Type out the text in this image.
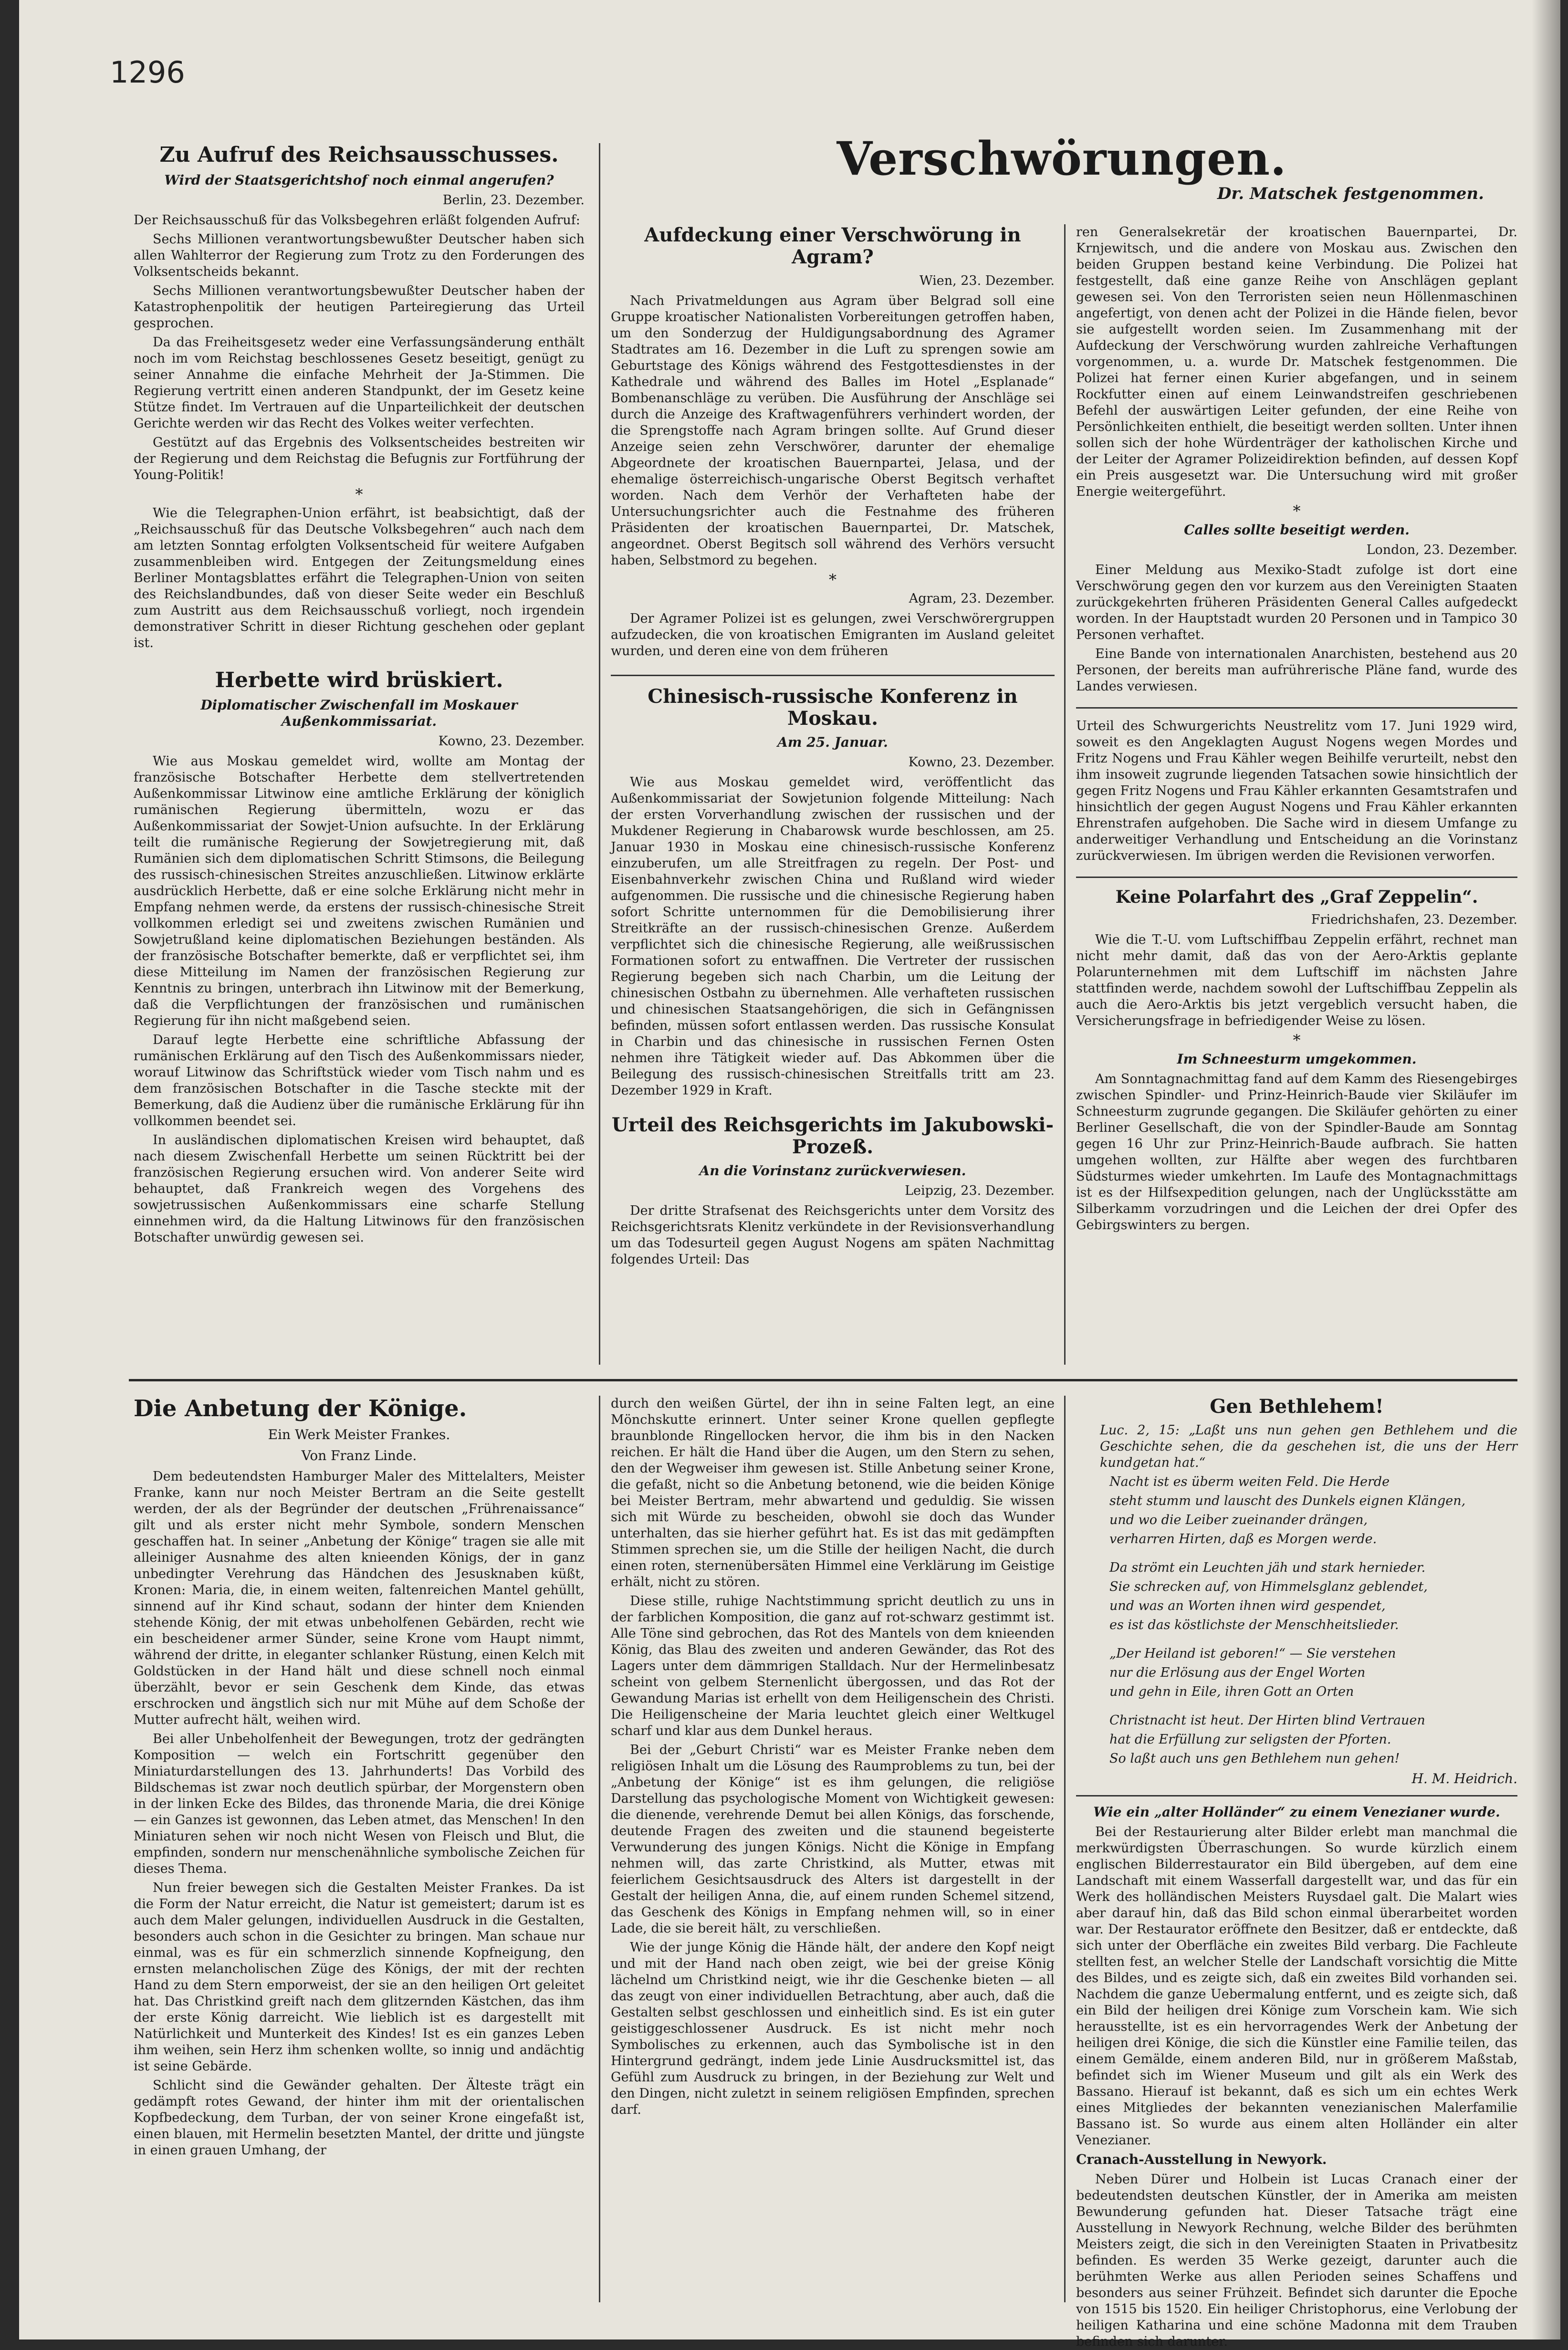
1296
Zu Aufruf des Reichsausschusses.
Wird der Staatsgerichtshof noch einmal angerufen?
Berlin, 23. Dezember.

Der Reichsausschuß für das Volksbegehren erläßt folgenden Aufruf:

Sechs Millionen verantwortungsbewußter Deutscher haben sich allen Wahlterror der Regierung zum Trotz zu den Forderungen des Volksentscheids bekannt.

Sechs Millionen verantwortungsbewußter Deutscher haben der Katastrophenpolitik der heutigen Parteiregierung das Urteil gesprochen.

Da das Freiheitsgesetz weder eine Verfassungsänderung enthält noch im vom Reichstag beschlossenes Gesetz beseitigt, genügt zu seiner Annahme die einfache Mehrheit der Ja-Stimmen. Die Regierung vertritt einen anderen Standpunkt, der im Gesetz keine Stütze findet. Im Vertrauen auf die Unparteilichkeit der deutschen Gerichte werden wir das Recht des Volkes weiter verfechten.

Gestützt auf das Ergebnis des Volksentscheides bestreiten wir der Regierung und dem Reichstag die Befugnis zur Fortführung der Young-Politik!

*

Wie die Telegraphen-Union erfährt, ist beabsichtigt, daß der „Reichsausschuß für das Deutsche Volksbegehren“ auch nach dem am letzten Sonntag erfolgten Volksentscheid für weitere Aufgaben zusammenbleiben wird. Entgegen der Zeitungsmeldung eines Berliner Montagsblattes erfährt die Telegraphen-Union von seiten des Reichslandbundes, daß von dieser Seite weder ein Beschluß zum Austritt aus dem Reichsausschuß vorliegt, noch irgendein demonstrativer Schritt in dieser Richtung geschehen oder geplant ist.

Herbette wird brüskiert.
Diplomatischer Zwischenfall im Moskauer Außenkommissariat.
Kowno, 23. Dezember.

Wie aus Moskau gemeldet wird, wollte am Montag der französische Botschafter Herbette dem stellvertretenden Außenkommissar Litwinow eine amtliche Erklärung der königlich rumänischen Regierung übermitteln, wozu er das Außenkommissariat der Sowjet-Union aufsuchte. In der Erklärung teilt die rumänische Regierung der Sowjetregierung mit, daß Rumänien sich dem diplomatischen Schritt Stimsons, die Beilegung des russisch-chinesischen Streites anzuschließen. Litwinow erklärte ausdrücklich Herbette, daß er eine solche Erklärung nicht mehr in Empfang nehmen werde, da erstens der russisch-chinesische Streit vollkommen erledigt sei und zweitens zwischen Rumänien und Sowjetrußland keine diplomatischen Beziehungen beständen. Als der französische Botschafter bemerkte, daß er verpflichtet sei, ihm diese Mitteilung im Namen der französischen Regierung zur Kenntnis zu bringen, unterbrach ihn Litwinow mit der Bemerkung, daß die Verpflichtungen der französischen und rumänischen Regierung für ihn nicht maßgebend seien.

Darauf legte Herbette eine schriftliche Abfassung der rumänischen Erklärung auf den Tisch des Außenkommissars nieder, worauf Litwinow das Schriftstück wieder vom Tisch nahm und es dem französischen Botschafter in die Tasche steckte mit der Bemerkung, daß die Audienz über die rumänische Erklärung für ihn vollkommen beendet sei.

In ausländischen diplomatischen Kreisen wird behauptet, daß nach diesem Zwischenfall Herbette um seinen Rücktritt bei der französischen Regierung ersuchen wird. Von anderer Seite wird behauptet, daß Frankreich wegen des Vorgehens des sowjetrussischen Außenkommissars eine scharfe Stellung einnehmen wird, da die Haltung Litwinows für den französischen Botschafter unwürdig gewesen sei.

Verschwörungen.
Dr. Matschek festgenommen.
Aufdeckung einer Verschwörung in Agram?
Wien, 23. Dezember.

Nach Privatmeldungen aus Agram über Belgrad soll eine Gruppe kroatischer Nationalisten Vorbereitungen getroffen haben, um den Sonderzug der Huldigungsabordnung des Agramer Stadtrates am 16. Dezember in die Luft zu sprengen sowie am Geburtstage des Königs während des Festgottesdienstes in der Kathedrale und während des Balles im Hotel „Esplanade“ Bombenanschläge zu verüben. Die Ausführung der Anschläge sei durch die Anzeige des Kraftwagenführers verhindert worden, der die Sprengstoffe nach Agram bringen sollte. Auf Grund dieser Anzeige seien zehn Verschwörer, darunter der ehemalige Abgeordnete der kroatischen Bauernpartei, Jelasa, und der ehemalige österreichisch-ungarische Oberst Begitsch verhaftet worden. Nach dem Verhör der Verhafteten habe der Untersuchungsrichter auch die Festnahme des früheren Präsidenten der kroatischen Bauernpartei, Dr. Matschek, angeordnet. Oberst Begitsch soll während des Verhörs versucht haben, Selbstmord zu begehen.

*
Agram, 23. Dezember.

Der Agramer Polizei ist es gelungen, zwei Verschwörergruppen aufzudecken, die von kroatischen Emigranten im Ausland geleitet wurden, und deren eine von dem früheren

Chinesisch-russische Konferenz in Moskau.
Am 25. Januar.
Kowno, 23. Dezember.

Wie aus Moskau gemeldet wird, veröffentlicht das Außenkommissariat der Sowjetunion folgende Mitteilung: Nach der ersten Vorverhandlung zwischen der russischen und der Mukdener Regierung in Chabarowsk wurde beschlossen, am 25. Januar 1930 in Moskau eine chinesisch-russische Konferenz einzuberufen, um alle Streitfragen zu regeln. Der Post- und Eisenbahnverkehr zwischen China und Rußland wird wieder aufgenommen. Die russische und die chinesische Regierung haben sofort Schritte unternommen für die Demobilisierung ihrer Streitkräfte an der russisch-chinesischen Grenze. Außerdem verpflichtet sich die chinesische Regierung, alle weißrussischen Formationen sofort zu entwaffnen. Die Vertreter der russischen Regierung begeben sich nach Charbin, um die Leitung der chinesischen Ostbahn zu übernehmen. Alle verhafteten russischen und chinesischen Staatsangehörigen, die sich in Gefängnissen befinden, müssen sofort entlassen werden. Das russische Konsulat in Charbin und das chinesische in russischen Fernen Osten nehmen ihre Tätigkeit wieder auf. Das Abkommen über die Beilegung des russisch-chinesischen Streitfalls tritt am 23. Dezember 1929 in Kraft.

Urteil des Reichsgerichts im Jakubowski-Prozeß.
An die Vorinstanz zurückverwiesen.
Leipzig, 23. Dezember.

Der dritte Strafsenat des Reichsgerichts unter dem Vorsitz des Reichsgerichtsrats Klenitz verkündete in der Revisionsverhandlung um das Todesurteil gegen August Nogens am späten Nachmittag folgendes Urteil: Das

ren Generalsekretär der kroatischen Bauernpartei, Dr. Krnjewitsch, und die andere von Moskau aus. Zwischen den beiden Gruppen bestand keine Verbindung. Die Polizei hat festgestellt, daß eine ganze Reihe von Anschlägen geplant gewesen sei. Von den Terroristen seien neun Höllenmaschinen angefertigt, von denen acht der Polizei in die Hände fielen, bevor sie aufgestellt worden seien. Im Zusammenhang mit der Aufdeckung der Verschwörung wurden zahlreiche Verhaftungen vorgenommen, u. a. wurde Dr. Matschek festgenommen. Die Polizei hat ferner einen Kurier abgefangen, und in seinem Rockfutter einen auf einem Leinwandstreifen geschriebenen Befehl der auswärtigen Leiter gefunden, der eine Reihe von Persönlichkeiten enthielt, die beseitigt werden sollten. Unter ihnen sollen sich der hohe Würdenträger der katholischen Kirche und der Leiter der Agramer Polizeidirektion befinden, auf dessen Kopf ein Preis ausgesetzt war. Die Untersuchung wird mit großer Energie weitergeführt.

*
Calles sollte beseitigt werden.
London, 23. Dezember.

Einer Meldung aus Mexiko-Stadt zufolge ist dort eine Verschwörung gegen den vor kurzem aus den Vereinigten Staaten zurückgekehrten früheren Präsidenten General Calles aufgedeckt worden. In der Hauptstadt wurden 20 Personen und in Tampico 30 Personen verhaftet.

Eine Bande von internationalen Anarchisten, bestehend aus 20 Personen, der bereits man aufrührerische Pläne fand, wurde des Landes verwiesen.

Urteil des Schwurgerichts Neustrelitz vom 17. Juni 1929 wird, soweit es den Angeklagten August Nogens wegen Mordes und Fritz Nogens und Frau Kähler wegen Beihilfe verurteilt, nebst den ihm insoweit zugrunde liegenden Tatsachen sowie hinsichtlich der gegen Fritz Nogens und Frau Kähler erkannten Gesamtstrafen und hinsichtlich der gegen August Nogens und Frau Kähler erkannten Ehrenstrafen aufgehoben. Die Sache wird in diesem Umfange zu anderweitiger Verhandlung und Entscheidung an die Vorinstanz zurückverwiesen. Im übrigen werden die Revisionen verworfen.

Keine Polarfahrt des „Graf Zeppelin“.
Friedrichshafen, 23. Dezember.

Wie die T.-U. vom Luftschiffbau Zeppelin erfährt, rechnet man nicht mehr damit, daß das von der Aero-Arktis geplante Polarunternehmen mit dem Luftschiff im nächsten Jahre stattfinden werde, nachdem sowohl der Luftschiffbau Zeppelin als auch die Aero-Arktis bis jetzt vergeblich versucht haben, die Versicherungsfrage in befriedigender Weise zu lösen.

*
Im Schneesturm umgekommen.

Am Sonntagnachmittag fand auf dem Kamm des Riesengebirges zwischen Spindler- und Prinz-Heinrich-Baude vier Skiläufer im Schneesturm zugrunde gegangen. Die Skiläufer gehörten zu einer Berliner Gesellschaft, die von der Spindler-Baude am Sonntag gegen 16 Uhr zur Prinz-Heinrich-Baude aufbrach. Sie hatten umgehen wollten, zur Hälfte aber wegen des furchtbaren Südsturmes wieder umkehrten. Im Laufe des Montagnachmittags ist es der Hilfsexpedition gelungen, nach der Unglücksstätte am Silberkamm vorzudringen und die Leichen der drei Opfer des Gebirgswinters zu bergen.

Die Anbetung der Könige.
Ein Werk Meister Frankes.
Von Franz Linde.

Dem bedeutendsten Hamburger Maler des Mittelalters, Meister Franke, kann nur noch Meister Bertram an die Seite gestellt werden, der als der Begründer der deutschen „Frührenaissance“ gilt und als erster nicht mehr Symbole, sondern Menschen geschaffen hat. In seiner „Anbetung der Könige“ tragen sie alle mit alleiniger Ausnahme des alten knieenden Königs, der in ganz unbedingter Verehrung das Händchen des Jesusknaben küßt, Kronen: Maria, die, in einem weiten, faltenreichen Mantel gehüllt, sinnend auf ihr Kind schaut, sodann der hinter dem Knienden stehende König, der mit etwas unbeholfenen Gebärden, recht wie ein bescheidener armer Sünder, seine Krone vom Haupt nimmt, während der dritte, in eleganter schlanker Rüstung, einen Kelch mit Goldstücken in der Hand hält und diese schnell noch einmal überzählt, bevor er sein Geschenk dem Kinde, das etwas erschrocken und ängstlich sich nur mit Mühe auf dem Schoße der Mutter aufrecht hält, weihen wird.

Bei aller Unbeholfenheit der Bewegungen, trotz der gedrängten Komposition — welch ein Fortschritt gegenüber den Miniaturdarstellungen des 13. Jahrhunderts! Das Vorbild des Bildschemas ist zwar noch deutlich spürbar, der Morgenstern oben in der linken Ecke des Bildes, das thronende Maria, die drei Könige — ein Ganzes ist gewonnen, das Leben atmet, das Menschen! In den Miniaturen sehen wir noch nicht Wesen von Fleisch und Blut, die empfinden, sondern nur menschenähnliche symbolische Zeichen für dieses Thema.

Nun freier bewegen sich die Gestalten Meister Frankes. Da ist die Form der Natur erreicht, die Natur ist gemeistert; darum ist es auch dem Maler gelungen, individuellen Ausdruck in die Gestalten, besonders auch schon in die Gesichter zu bringen. Man schaue nur einmal, was es für ein schmerzlich sinnende Kopfneigung, den ernsten melancholischen Züge des Königs, der mit der rechten Hand zu dem Stern emporweist, der sie an den heiligen Ort geleitet hat. Das Christkind greift nach dem glitzernden Kästchen, das ihm der erste König darreicht. Wie lieblich ist es dargestellt mit Natürlichkeit und Munterkeit des Kindes! Ist es ein ganzes Leben ihm weihen, sein Herz ihm schenken wollte, so innig und andächtig ist seine Gebärde.

Schlicht sind die Gewänder gehalten. Der Älteste trägt ein gedämpft rotes Gewand, der hinter ihm mit der orientalischen Kopfbedeckung, dem Turban, der von seiner Krone eingefaßt ist, einen blauen, mit Hermelin besetzten Mantel, der dritte und jüngste in einen grauen Umhang, der

durch den weißen Gürtel, der ihn in seine Falten legt, an eine Mönchskutte erinnert. Unter seiner Krone quellen gepflegte braunblonde Ringellocken hervor, die ihm bis in den Nacken reichen. Er hält die Hand über die Augen, um den Stern zu sehen, den der Wegweiser ihm gewesen ist. Stille Anbetung seiner Krone, die gefaßt, nicht so die Anbetung betonend, wie die beiden Könige bei Meister Bertram, mehr abwartend und geduldig. Sie wissen sich mit Würde zu bescheiden, obwohl sie doch das Wunder unterhalten, das sie hierher geführt hat. Es ist das mit gedämpften Stimmen sprechen sie, um die Stille der heiligen Nacht, die durch einen roten, sternenübersäten Himmel eine Verklärung im Geistige erhält, nicht zu stören.

Diese stille, ruhige Nachtstimmung spricht deutlich zu uns in der farblichen Komposition, die ganz auf rot-schwarz gestimmt ist. Alle Töne sind gebrochen, das Rot des Mantels von dem knieenden König, das Blau des zweiten und anderen Gewänder, das Rot des Lagers unter dem dämmrigen Stalldach. Nur der Hermelinbesatz scheint von gelbem Sternenlicht übergossen, und das Rot der Gewandung Marias ist erhellt von dem Heiligenschein des Christi. Die Heiligenscheine der Maria leuchtet gleich einer Weltkugel scharf und klar aus dem Dunkel heraus.

Bei der „Geburt Christi“ war es Meister Franke neben dem religiösen Inhalt um die Lösung des Raumproblems zu tun, bei der „Anbetung der Könige“ ist es ihm gelungen, die religiöse Darstellung das psychologische Moment von Wichtigkeit gewesen: die dienende, verehrende Demut bei allen Königs, das forschende, deutende Fragen des zweiten und die staunend begeisterte Verwunderung des jungen Königs. Nicht die Könige in Empfang nehmen will, das zarte Christkind, als Mutter, etwas mit feierlichem Gesichtsausdruck des Alters ist dargestellt in der Gestalt der heiligen Anna, die, auf einem runden Schemel sitzend, das Geschenk des Königs in Empfang nehmen will, so in einer Lade, die sie bereit hält, zu verschließen.

Wie der junge König die Hände hält, der andere den Kopf neigt und mit der Hand nach oben zeigt, wie bei der greise König lächelnd um Christkind neigt, wie ihr die Geschenke bieten — all das zeugt von einer individuellen Betrachtung, aber auch, daß die Gestalten selbst geschlossen und einheitlich sind. Es ist ein guter geistiggeschlossener Ausdruck. Es ist nicht mehr noch Symbolisches zu erkennen, auch das Symbolische ist in den Hintergrund gedrängt, indem jede Linie Ausdrucksmittel ist, das Gefühl zum Ausdruck zu bringen, in der Beziehung zur Welt und den Dingen, nicht zuletzt in seinem religiösen Empfinden, sprechen darf.

Gen Bethlehem!

Luc. 2, 15: „Laßt uns nun gehen gen Bethlehem und die Geschichte sehen, die da geschehen ist, die uns der Herr kundgetan hat.“

Nacht ist es überm weiten Feld. Die Herde
steht stumm und lauscht des Dunkels eignen Klängen,
und wo die Leiber zueinander drängen,
verharren Hirten, daß es Morgen werde.
Da strömt ein Leuchten jäh und stark hernieder.
Sie schrecken auf, von Himmelsglanz geblendet,
und was an Worten ihnen wird gespendet,
es ist das köstlichste der Menschheitslieder.
„Der Heiland ist geboren!“ — Sie verstehen
nur die Erlösung aus der Engel Worten
und gehn in Eile, ihren Gott an Orten
Christnacht ist heut. Der Hirten blind Vertrauen
hat die Erfüllung zur seligsten der Pforten.
So laßt auch uns gen Bethlehem nun gehen!
H. M. Heidrich.
Wie ein „alter Holländer“ zu einem Venezianer wurde.

Bei der Restaurierung alter Bilder erlebt man manchmal die merkwürdigsten Überraschungen. So wurde kürzlich einem englischen Bilderrestaurator ein Bild übergeben, auf dem eine Landschaft mit einem Wasserfall dargestellt war, und das für ein Werk des holländischen Meisters Ruysdael galt. Die Malart wies aber darauf hin, daß das Bild schon einmal überarbeitet worden war. Der Restaurator eröffnete den Besitzer, daß er entdeckte, daß sich unter der Oberfläche ein zweites Bild verbarg. Die Fachleute stellten fest, an welcher Stelle der Landschaft vorsichtig die Mitte des Bildes, und es zeigte sich, daß ein zweites Bild vorhanden sei. Nachdem die ganze Uebermalung entfernt, und es zeigte sich, daß ein Bild der heiligen drei Könige zum Vorschein kam. Wie sich herausstellte, ist es ein hervorragendes Werk der Anbetung der heiligen drei Könige, die sich die Künstler eine Familie teilen, das einem Gemälde, einem anderen Bild, nur in größerem Maßstab, befindet sich im Wiener Museum und gilt als ein Werk des Bassano. Hierauf ist bekannt, daß es sich um ein echtes Werk eines Mitgliedes der bekannten venezianischen Malerfamilie Bassano ist. So wurde aus einem alten Holländer ein alter Venezianer.

Cranach-Ausstellung in Newyork.

Neben Dürer und Holbein ist Lucas Cranach einer der bedeutendsten deutschen Künstler, der in Amerika am meisten Bewunderung gefunden hat. Dieser Tatsache trägt eine Ausstellung in Newyork Rechnung, welche Bilder des berühmten Meisters zeigt, die sich in den Vereinigten Staaten in Privatbesitz befinden. Es werden 35 Werke gezeigt, darunter auch die berühmten Werke aus allen Perioden seines Schaffens und besonders aus seiner Frühzeit. Befindet sich darunter die Epoche von 1515 bis 1520. Ein heiliger Christophorus, eine Verlobung der heiligen Katharina und eine schöne Madonna mit dem Trauben befinden sich darunter.
